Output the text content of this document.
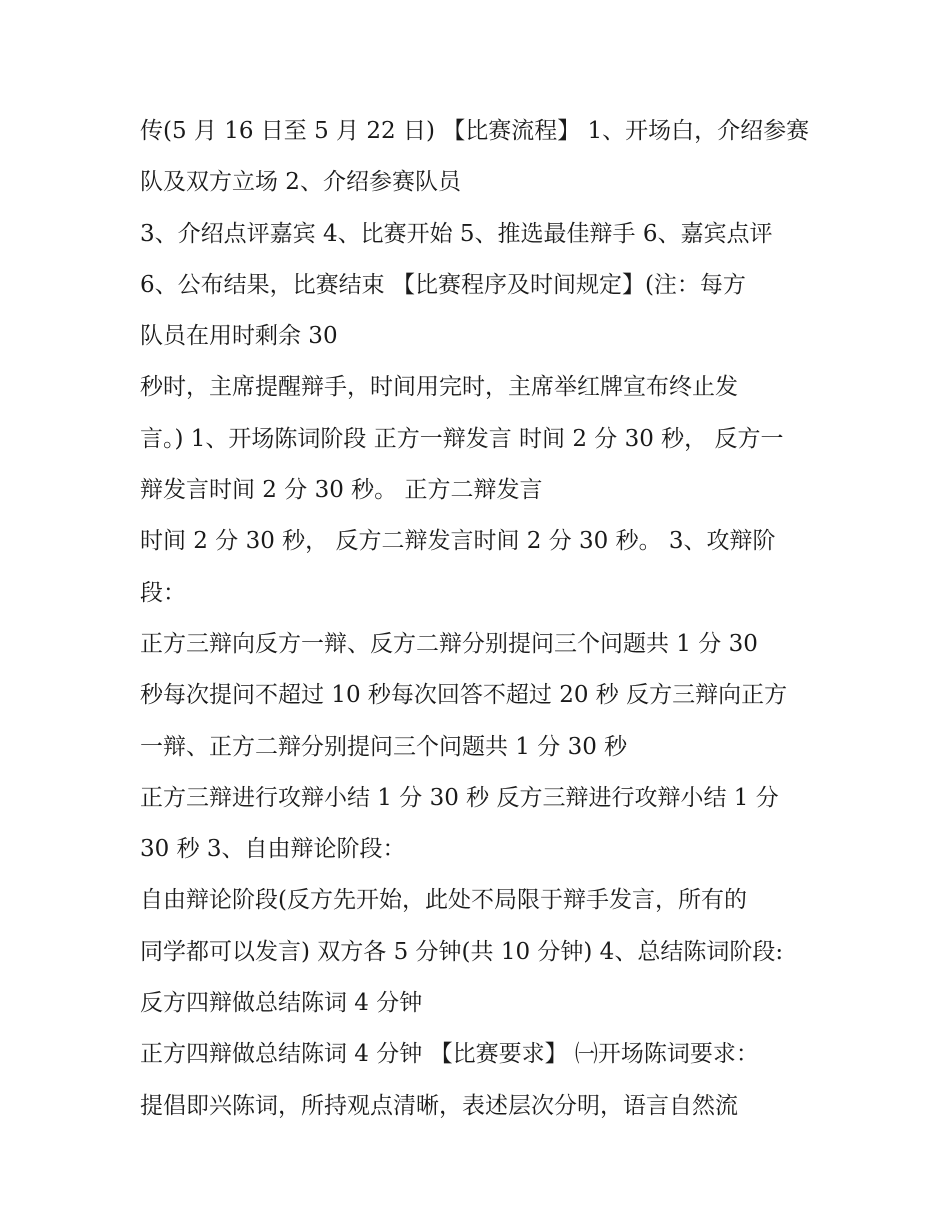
传(5 月 16 日至 5 月 22 日) 【比赛流程】 1、开场白，介绍参赛
队及双方立场 2、介绍参赛队员
3、介绍点评嘉宾 4、比赛开始 5、推选最佳辩手 6、嘉宾点评
6、公布结果，比赛结束 【比赛程序及时间规定】(注：每方
队员在用时剩余 30
秒时，主席提醒辩手，时间用完时，主席举红牌宣布终止发
言。) 1、开场陈词阶段 正方一辩发言 时间 2 分 30 秒， 反方一
辩发言时间 2 分 30 秒。 正方二辩发言
时间 2 分 30 秒， 反方二辩发言时间 2 分 30 秒。 3、攻辩阶
段：
正方三辩向反方一辩、反方二辩分别提问三个问题共 1 分 30
秒每次提问不超过 10 秒每次回答不超过 20 秒 反方三辩向正方
一辩、正方二辩分别提问三个问题共 1 分 30 秒
正方三辩进行攻辩小结 1 分 30 秒 反方三辩进行攻辩小结 1 分
30 秒 3、自由辩论阶段：
自由辩论阶段(反方先开始，此处不局限于辩手发言，所有的
同学都可以发言) 双方各 5 分钟(共 10 分钟) 4、总结陈词阶段:
反方四辩做总结陈词 4 分钟
正方四辩做总结陈词 4 分钟 【比赛要求】 ㈠开场陈词要求：
提倡即兴陈词，所持观点清晰，表述层次分明，语言自然流
